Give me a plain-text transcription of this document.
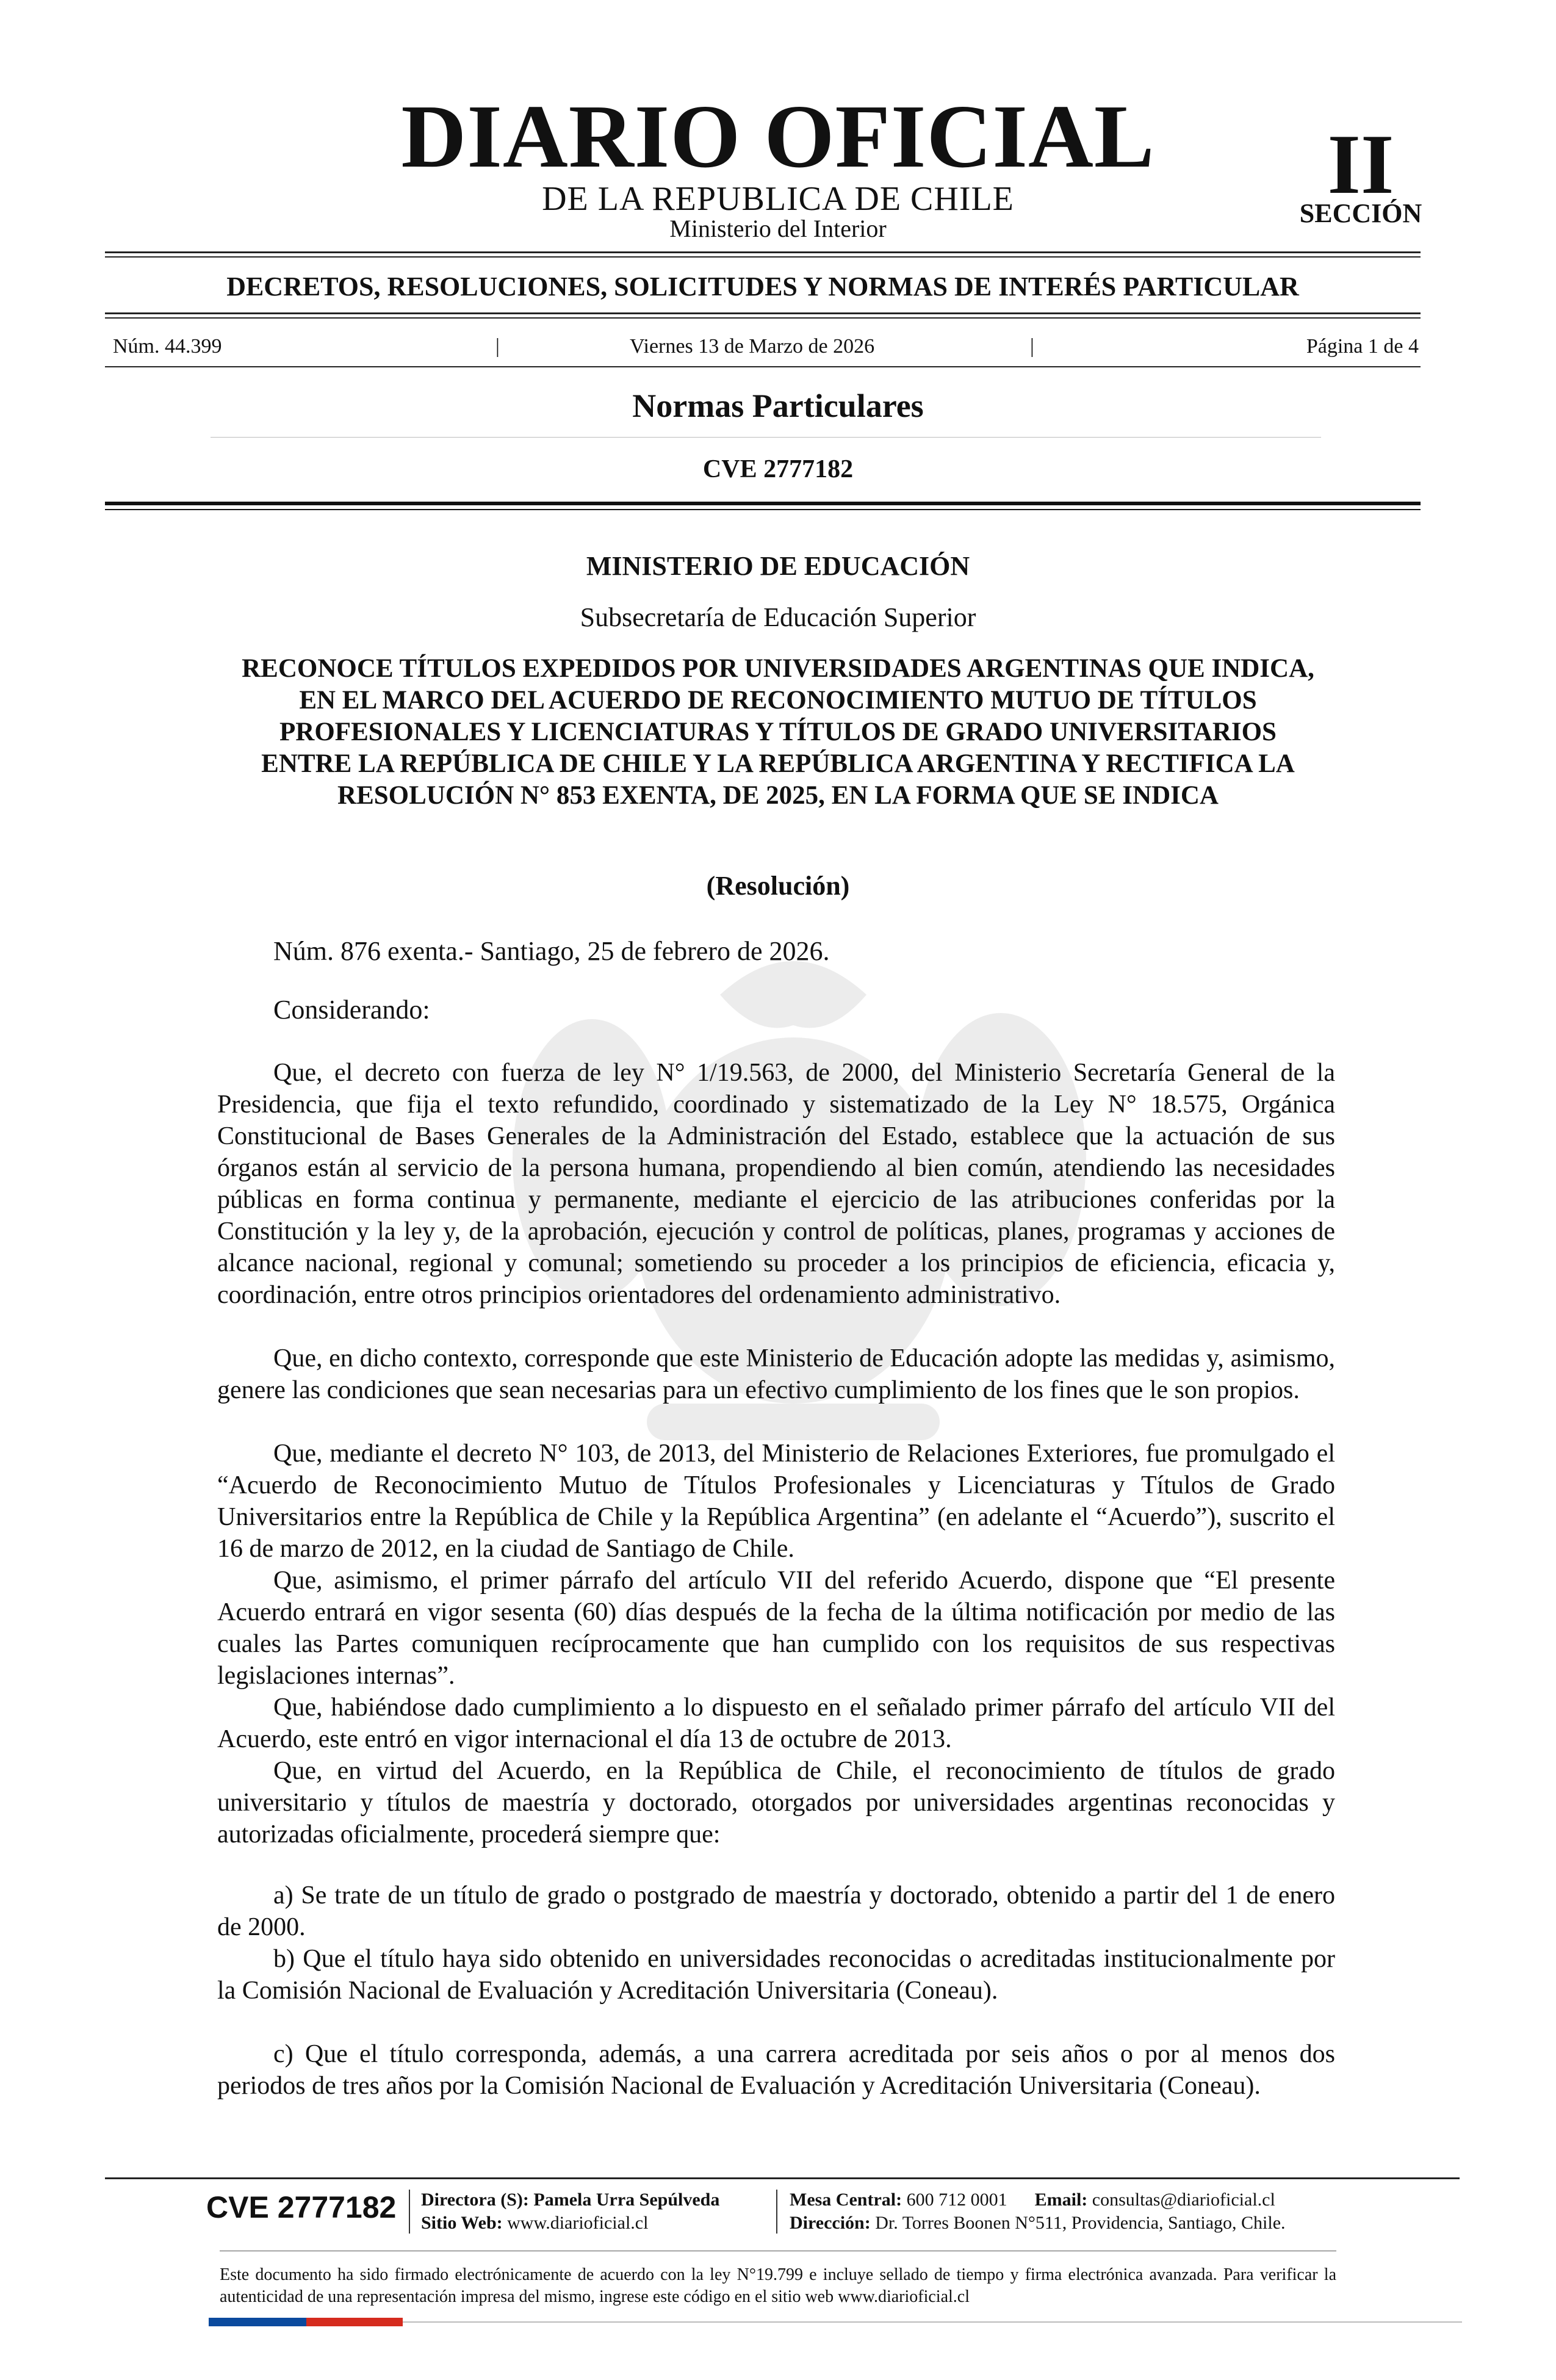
DIARIO OFICIAL
DE LA REPUBLICA DE CHILE
Ministerio del Interior
II
SECCIÓN
DECRETOS, RESOLUCIONES, SOLICITUDES Y NORMAS DE INTERÉS PARTICULAR
Núm. 44.399	|	Viernes 13 de Marzo de 2026	|	Página 1 de 4
Normas Particulares
CVE 2777182
MINISTERIO DE EDUCACIÓN
Subsecretaría de Educación Superior
RECONOCE TÍTULOS EXPEDIDOS POR UNIVERSIDADES ARGENTINAS QUE INDICA, EN EL MARCO DEL ACUERDO DE RECONOCIMIENTO MUTUO DE TÍTULOS PROFESIONALES Y LICENCIATURAS Y TÍTULOS DE GRADO UNIVERSITARIOS ENTRE LA REPÚBLICA DE CHILE Y LA REPÚBLICA ARGENTINA Y RECTIFICA LA RESOLUCIÓN N° 853 EXENTA, DE 2025, EN LA FORMA QUE SE INDICA
(Resolución)
Núm. 876 exenta.- Santiago, 25 de febrero de 2026.
Considerando:

Que, el decreto con fuerza de ley N° 1/19.563, de 2000, del Ministerio Secretaría General de la Presidencia, que fija el texto refundido, coordinado y sistematizado de la Ley N° 18.575, Orgánica Constitucional de Bases Generales de la Administración del Estado, establece que la actuación de sus órganos están al servicio de la persona humana, propendiendo al bien común, atendiendo las necesidades públicas en forma continua y permanente, mediante el ejercicio de las atribuciones conferidas por la Constitución y la ley y, de la aprobación, ejecución y control de políticas, planes, programas y acciones de alcance nacional, regional y comunal; sometiendo su proceder a los principios de eficiencia, eficacia y, coordinación, entre otros principios orientadores del ordenamiento administrativo.

Que, en dicho contexto, corresponde que este Ministerio de Educación adopte las medidas y, asimismo, genere las condiciones que sean necesarias para un efectivo cumplimiento de los fines que le son propios.

Que, mediante el decreto N° 103, de 2013, del Ministerio de Relaciones Exteriores, fue promulgado el “Acuerdo de Reconocimiento Mutuo de Títulos Profesionales y Licenciaturas y Títulos de Grado Universitarios entre la República de Chile y la República Argentina” (en adelante el “Acuerdo”), suscrito el 16 de marzo de 2012, en la ciudad de Santiago de Chile.

Que, asimismo, el primer párrafo del artículo VII del referido Acuerdo, dispone que “El presente Acuerdo entrará en vigor sesenta (60) días después de la fecha de la última notificación por medio de las cuales las Partes comuniquen recíprocamente que han cumplido con los requisitos de sus respectivas legislaciones internas”.

Que, habiéndose dado cumplimiento a lo dispuesto en el señalado primer párrafo del artículo VII del Acuerdo, este entró en vigor internacional el día 13 de octubre de 2013.

Que, en virtud del Acuerdo, en la República de Chile, el reconocimiento de títulos de grado universitario y títulos de maestría y doctorado, otorgados por universidades argentinas reconocidas y autorizadas oficialmente, procederá siempre que:

a) Se trate de un título de grado o postgrado de maestría y doctorado, obtenido a partir del 1 de enero de 2000.

b) Que el título haya sido obtenido en universidades reconocidas o acreditadas institucionalmente por la Comisión Nacional de Evaluación y Acreditación Universitaria (Coneau).

c) Que el título corresponda, además, a una carrera acreditada por seis años o por al menos dos periodos de tres años por la Comisión Nacional de Evaluación y Acreditación Universitaria (Coneau).

CVE 2777182 Directora (S): Pamela Urra Sepúlveda
Sitio Web: www.diarioficial.cl
Mesa Central: 600 712 0001 Email: consultas@diarioficial.cl
Dirección: Dr. Torres Boonen N°511, Providencia, Santiago, Chile.
Este documento ha sido firmado electrónicamente de acuerdo con la ley N°19.799 e incluye sellado de tiempo y firma electrónica avanzada. Para verificar la autenticidad de una representación impresa del mismo, ingrese este código en el sitio web www.diarioficial.cl
